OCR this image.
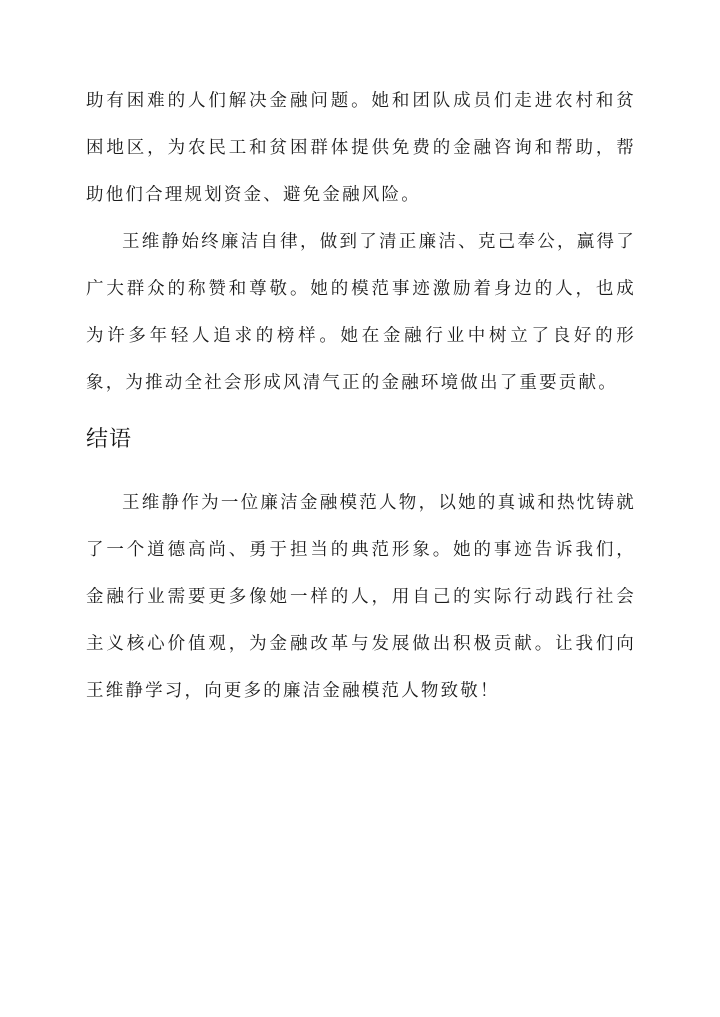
助有困难的人们解决金融问题。她和团队成员们走进农村和贫困地区，为农民工和贫困群体提供免费的金融咨询和帮助，帮助他们合理规划资金、避免金融风险。

王维静始终廉洁自律，做到了清正廉洁、克己奉公，赢得了广大群众的称赞和尊敬。她的模范事迹激励着身边的人，也成为许多年轻人追求的榜样。她在金融行业中树立了良好的形象，为推动全社会形成风清气正的金融环境做出了重要贡献。

结语

王维静作为一位廉洁金融模范人物，以她的真诚和热忱铸就了一个道德高尚、勇于担当的典范形象。她的事迹告诉我们，金融行业需要更多像她一样的人，用自己的实际行动践行社会主义核心价值观，为金融改革与发展做出积极贡献。让我们向王维静学习，向更多的廉洁金融模范人物致敬！
